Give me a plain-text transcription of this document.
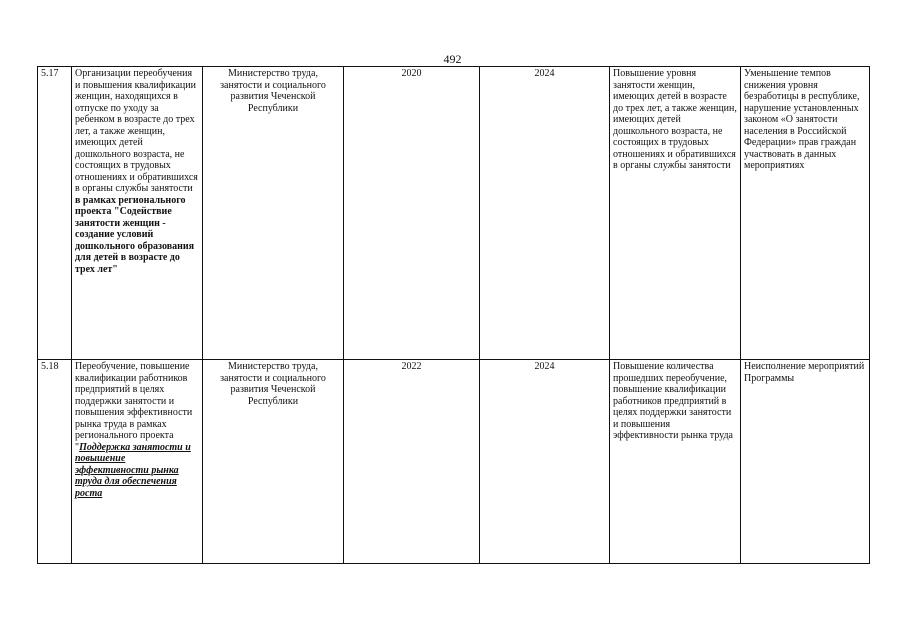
492
5.17	Организации переобучения и повышения квалификации женщин, находящихся в отпуске по уходу за ребенком в возрасте до трех лет, а также женщин, имеющих детей дошкольного возраста, не состоящих в трудовых отношениях и обратившихся в органы службы занятости в рамках регионального проекта "Содействие занятости женщин - создание условий дошкольного образования для детей в возрасте до трех лет"	Министерство труда, занятости и социального развития Чеченской Республики	2020	2024	Повышение уровня занятости женщин, имеющих детей в возрасте до трех лет, а также женщин, имеющих детей дошкольного возраста, не состоящих в трудовых отношениях и обратившихся в органы службы занятости	Уменьшение темпов снижения уровня безработицы в республике, нарушение установленных законом «О занятости населения в Российской Федерации» прав граждан участвовать в данных мероприятиях
5.18	Переобучение, повышение квалификации работников предприятий в целях поддержки занятости и повышения эффективности рынка труда в рамках регионального проекта "Поддержка занятости и повышение эффективности рынка труда для обеспечения роста	Министерство труда, занятости и социального развития Чеченской Республики	2022	2024	Повышение количества прошедших переобучение, повышение квалификации работников предприятий в целях поддержки занятости и повышения эффективности рынка труда	Неисполнение мероприятий Программы
